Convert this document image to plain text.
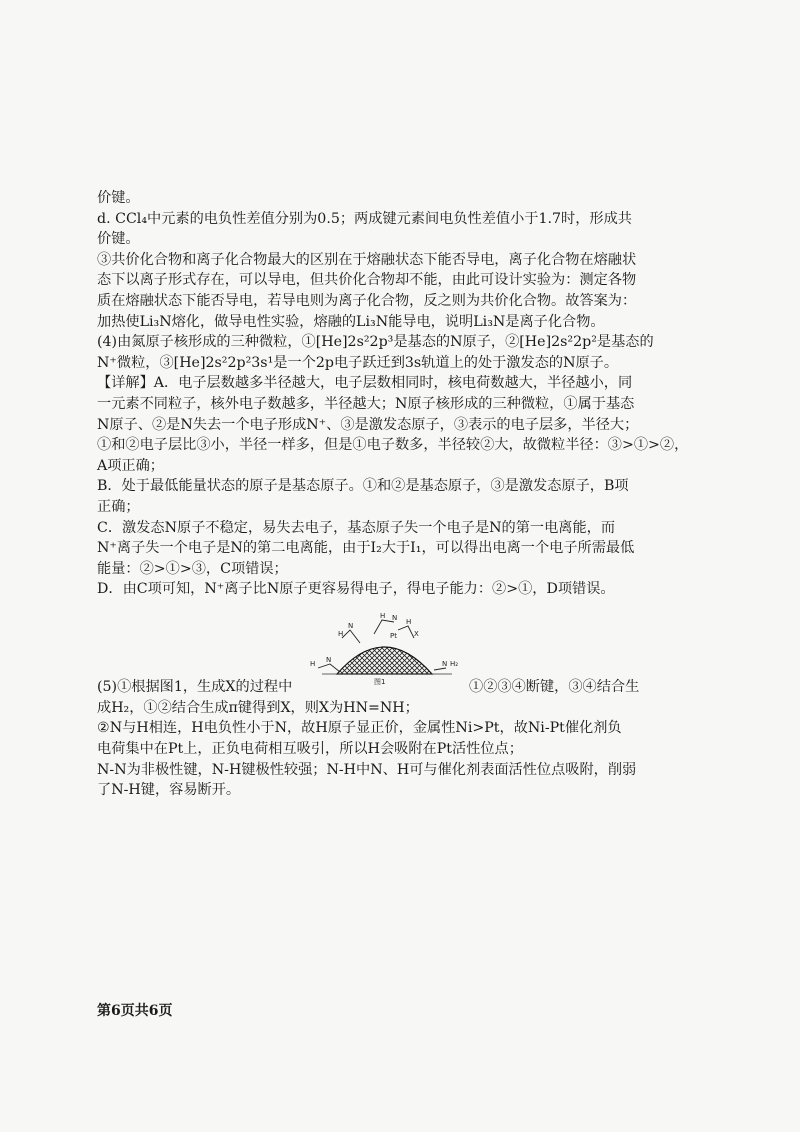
价键。

d. CCl₄中元素的电负性差值分别为0.5；两成键元素间电负性差值小于1.7时，形成共

价键。

③共价化合物和离子化合物最大的区别在于熔融状态下能否导电，离子化合物在熔融状

态下以离子形式存在，可以导电，但共价化合物却不能，由此可设计实验为：测定各物

质在熔融状态下能否导电，若导电则为离子化合物，反之则为共价化合物。故答案为：

加热使Li₃N熔化，做导电性实验，熔融的Li₃N能导电，说明Li₃N是离子化合物。

(4)由氮原子核形成的三种微粒，①[He]2s²2p³是基态的N原子，②[He]2s²2p²是基态的

N⁺微粒，③[He]2s²2p²3s¹是一个2p电子跃迁到3s轨道上的处于激发态的N原子。

【详解】A．电子层数越多半径越大，电子层数相同时，核电荷数越大，半径越小，同

一元素不同粒子，核外电子数越多，半径越大；N原子核形成的三种微粒，①属于基态

N原子、②是N失去一个电子形成N⁺、③是激发态原子，③表示的电子层多，半径大；

①和②电子层比③小，半径一样多，但是①电子数多，半径较②大，故微粒半径：③>①>②，

A项正确；

B．处于最低能量状态的原子是基态原子。①和②是基态原子，③是激发态原子，B项

正确；

C．激发态N原子不稳定，易失去电子，基态原子失一个电子是N的第一电离能，而

N⁺离子失一个电子是N的第二电离能，由于I₂大于I₁，可以得出电离一个电子所需最低

能量：②>①>③，C项错误；

D．由C项可知，N⁺离子比N原子更容易得电子，得电子能力：②>①，D项错误。

(5)①根据图1，生成X的过程中
H
N
H N H
X
H N	N H₂
Pt
图1	①②③④断键，③④结合生

成H₂，①②结合生成π键得到X，则X为HN=NH；

②N与H相连，H电负性小于N，故H原子显正价，金属性Ni>Pt，故Ni-Pt催化剂负

电荷集中在Pt上，正负电荷相互吸引，所以H会吸附在Pt活性位点；

N-N为非极性键，N-H键极性较强；N-H中N、H可与催化剂表面活性位点吸附，削弱

了N-H键，容易断开。

第6页共6页
